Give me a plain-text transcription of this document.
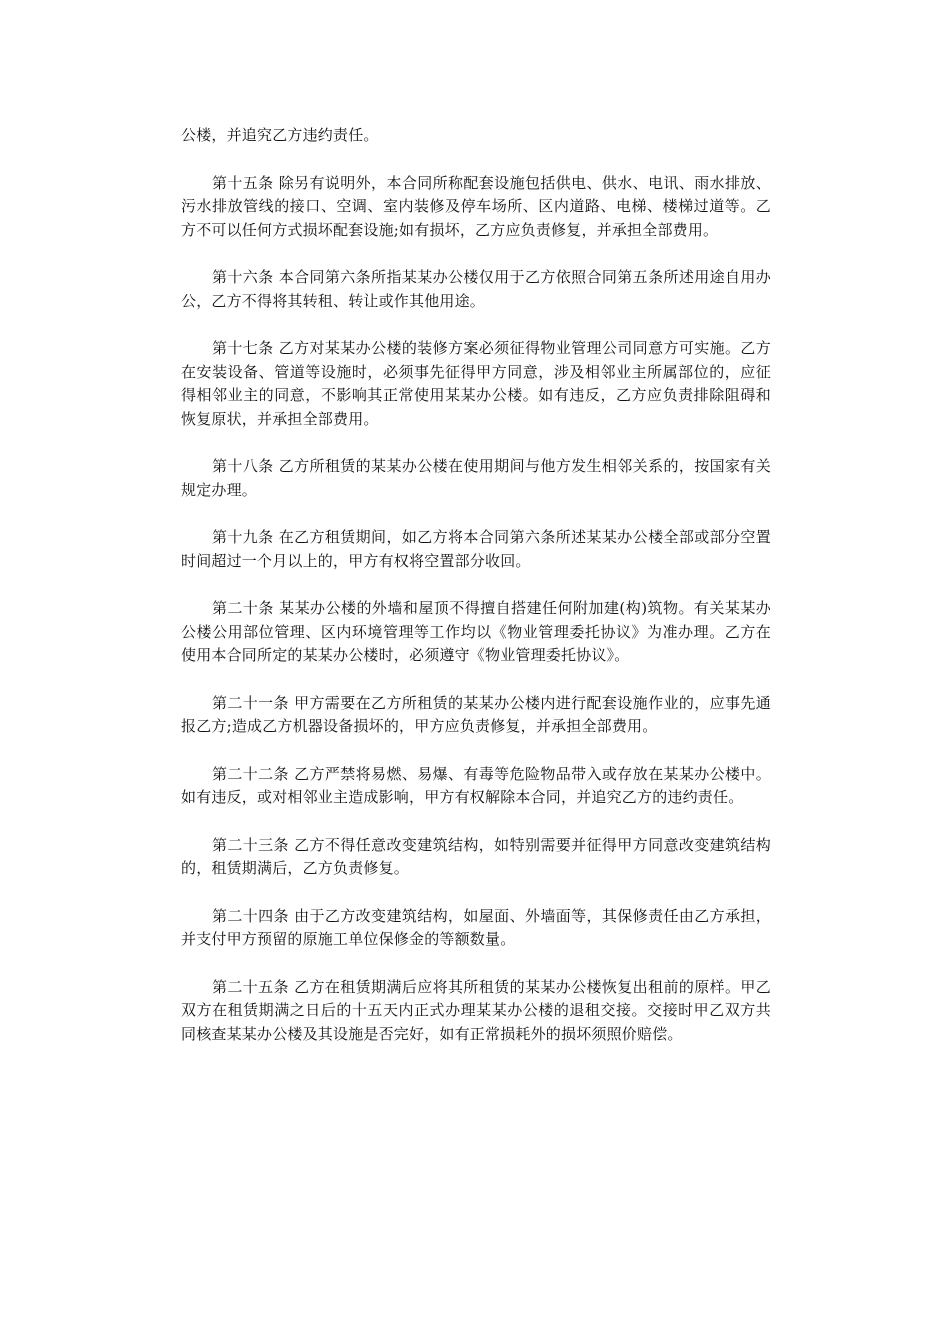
公楼，并追究乙方违约责任。

第十五条 除另有说明外，本合同所称配套设施包括供电、供水、电讯、雨水排放、污水排放管线的接口、空调、室内装修及停车场所、区内道路、电梯、楼梯过道等。乙方不可以任何方式损坏配套设施;如有损坏，乙方应负责修复，并承担全部费用。

第十六条 本合同第六条所指某某办公楼仅用于乙方依照合同第五条所述用途自用办公，乙方不得将其转租、转让或作其他用途。

第十七条 乙方对某某办公楼的装修方案必须征得物业管理公司同意方可实施。乙方在安装设备、管道等设施时，必须事先征得甲方同意，涉及相邻业主所属部位的，应征得相邻业主的同意，不影响其正常使用某某办公楼。如有违反，乙方应负责排除阻碍和恢复原状，并承担全部费用。

第十八条 乙方所租赁的某某办公楼在使用期间与他方发生相邻关系的，按国家有关规定办理。

第十九条 在乙方租赁期间，如乙方将本合同第六条所述某某办公楼全部或部分空置时间超过一个月以上的，甲方有权将空置部分收回。

第二十条 某某办公楼的外墙和屋顶不得擅自搭建任何附加建(构)筑物。有关某某办公楼公用部位管理、区内环境管理等工作均以《物业管理委托协议》为准办理。乙方在使用本合同所定的某某办公楼时，必须遵守《物业管理委托协议》。

第二十一条 甲方需要在乙方所租赁的某某办公楼内进行配套设施作业的，应事先通报乙方;造成乙方机器设备损坏的，甲方应负责修复，并承担全部费用。

第二十二条 乙方严禁将易燃、易爆、有毒等危险物品带入或存放在某某办公楼中。如有违反，或对相邻业主造成影响，甲方有权解除本合同，并追究乙方的违约责任。

第二十三条 乙方不得任意改变建筑结构，如特别需要并征得甲方同意改变建筑结构的，租赁期满后，乙方负责修复。

第二十四条 由于乙方改变建筑结构，如屋面、外墙面等，其保修责任由乙方承担，并支付甲方预留的原施工单位保修金的等额数量。

第二十五条 乙方在租赁期满后应将其所租赁的某某办公楼恢复出租前的原样。甲乙双方在租赁期满之日后的十五天内正式办理某某办公楼的退租交接。交接时甲乙双方共同核查某某办公楼及其设施是否完好，如有正常损耗外的损坏须照价赔偿。
